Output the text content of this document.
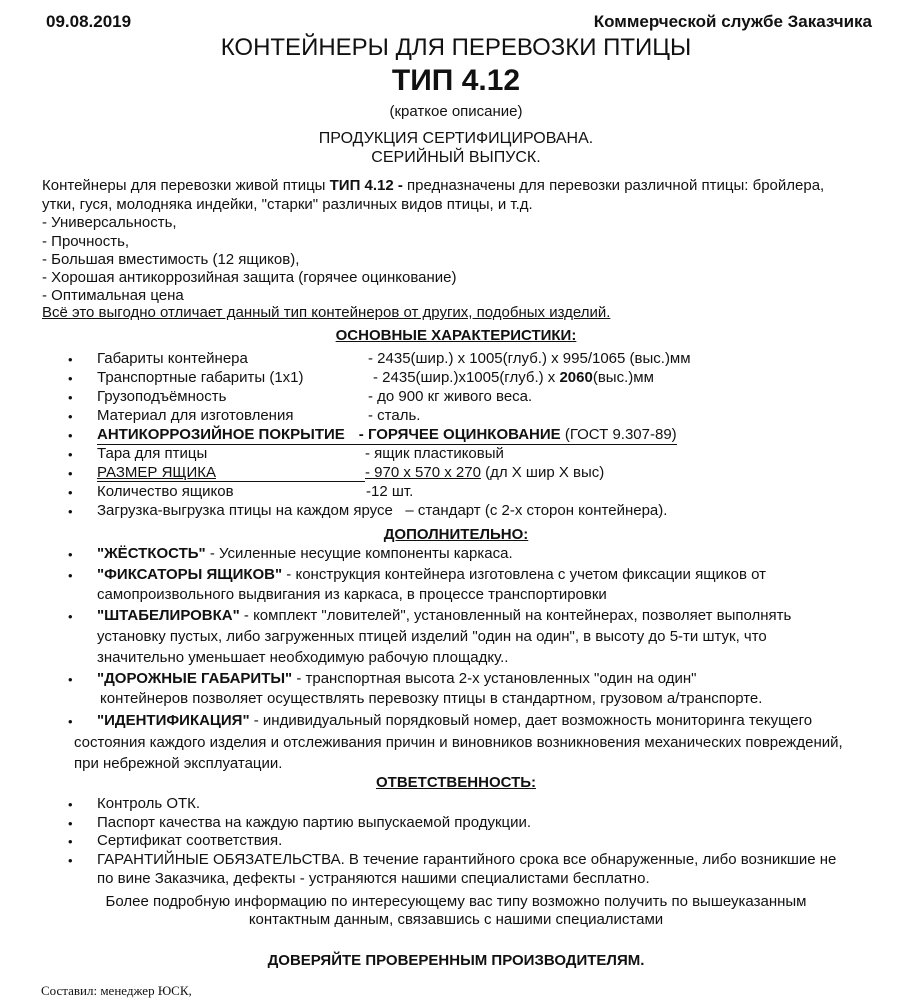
09.08.2019	Коммерческой службе Заказчика
КОНТЕЙНЕРЫ ДЛЯ ПЕРЕВОЗКИ ПТИЦЫ
ТИП 4.12
(краткое описание)
ПРОДУКЦИЯ СЕРТИФИЦИРОВАНА.
СЕРИЙНЫЙ ВЫПУСК.
Контейнеры для перевозки живой птицы ТИП 4.12 - предназначены для перевозки различной птицы: бройлера,
утки, гуся, молодняка индейки, "старки" различных видов птицы, и т.д.
- Универсальность,
- Прочность,
- Большая вместимость (12 ящиков),
- Хорошая антикоррозийная защита (горячее оцинкование)
- Оптимальная цена
Всё это выгодно отличает данный тип контейнеров от других, подобных изделий.
ОСНОВНЫЕ ХАРАКТЕРИСТИКИ:
• Габариты контейнера	- 2435(шир.) х 1005(глуб.) х 995/1065 (выс.)мм
• Транспортные габариты (1х1)	- 2435(шир.)х1005(глуб.) х 2060(выс.)мм
• Грузоподъёмность	- до 900 кг живого веса.
• Материал для изготовления	- сталь.
• АНТИКОРРОЗИЙНОЕ ПОКРЫТИЕ - ГОРЯЧЕЕ ОЦИНКОВАНИЕ (ГОСТ 9.307-89)
• Тара для птицы	- ящик пластиковый
• РАЗМЕР ЯЩИКА	- 970 х 570 х 270 (дл Х шир Х выс)
• Количество ящиков	-12 шт.
• Загрузка-выгрузка птицы на каждом ярусе   – стандарт (с 2-х сторон контейнера).
ДОПОЛНИТЕЛЬНО:
• "ЖЁСТКОСТЬ" - Усиленные несущие компоненты каркаса.
• "ФИКСАТОРЫ ЯЩИКОВ" - конструкция контейнера изготовлена с учетом фиксации ящиков от
самопроизвольного выдвигания из каркаса, в процессе транспортировки
• "ШТАБЕЛИРОВКА" - комплект "ловителей", установленный на контейнерах, позволяет выполнять
установку пустых, либо загруженных птицей изделий "один на один", в высоту до 5-ти штук, что
значительно уменьшает необходимую рабочую площадку..
• "ДОРОЖНЫЕ ГАБАРИТЫ" - транспортная высота 2-х установленных "один на один"
контейнеров позволяет осуществлять перевозку птицы в стандартном, грузовом а/транспорте.
• "ИДЕНТИФИКАЦИЯ" - индивидуальный порядковый номер, дает возможность мониторинга текущего
состояния каждого изделия и отслеживания причин и виновников возникновения механических повреждений,
при небрежной эксплуатации.
ОТВЕТСТВЕННОСТЬ:
• Контроль ОТК.
• Паспорт качества на каждую партию выпускаемой продукции.
• Сертификат соответствия.
• ГАРАНТИЙНЫЕ ОБЯЗАТЕЛЬСТВА. В течение гарантийного срока все обнаруженные, либо возникшие не
по вине Заказчика, дефекты - устраняются нашими специалистами бесплатно.
Более подробную информацию по интересующему вас типу возможно получить по вышеуказанным
контактным данным, связавшись с нашими специалистами
ДОВЕРЯЙТЕ ПРОВЕРЕННЫМ ПРОИЗВОДИТЕЛЯМ.
Составил: менеджер ЮСК,
